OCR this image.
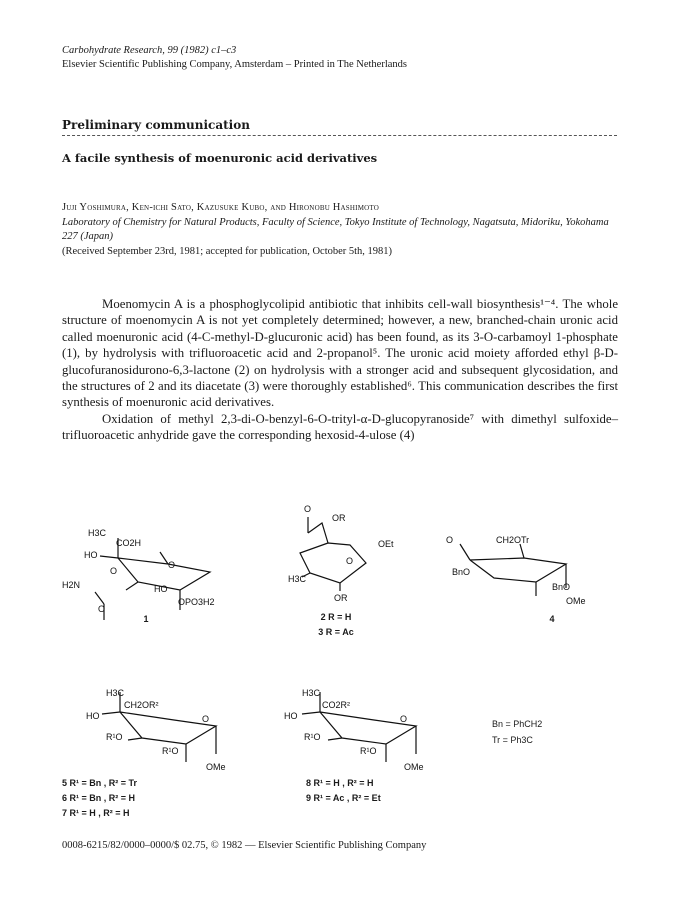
Carbohydrate Research, 99 (1982) c1–c3
Elsevier Scientific Publishing Company, Amsterdam – Printed in The Netherlands
Preliminary communication
A facile synthesis of moenuronic acid derivatives
Juji Yoshimura, Ken-ichi Sato, Kazusuke Kubo, and Hironobu Hashimoto
Laboratory of Chemistry for Natural Products, Faculty of Science, Tokyo Institute of Technology, Nagatsuta, Midoriku, Yokohama 227 (Japan)
(Received September 23rd, 1981; accepted for publication, October 5th, 1981)

Moenomycin A is a phosphoglycolipid antibiotic that inhibits cell-wall biosynthesis¹⁻⁴. The whole structure of moenomycin A is not yet completely determined; however, a new, branched-chain uronic acid called moenuronic acid (4-C-methyl-D-glucuronic acid) has been found, as its 3-O-carbamoyl 1-phosphate (1), by hydrolysis with trifluoroacetic acid and 2-propanol⁵. The uronic acid moiety afforded ethyl β-D-glucofuranosidurono-6,3-lactone (2) on hydrolysis with a stronger acid and subsequent glycosidation, and the structures of 2 and its diacetate (3) were thoroughly established⁶. This communication describes the first synthesis of moenuronic acid derivatives.

Oxidation of methyl 2,3-di-O-benzyl-6-O-trityl-α-D-glucopyranoside⁷ with dimethyl sulfoxide–trifluoroacetic anhydride gave the corresponding hexosid-4-ulose (4)

H3C
CO2H
HO
O
O
H2N	HO
O
OPO3H2
1
O
OR
OEt
O
H3C
OR
2 R = H
3 R = Ac
O	CH2OTr
BnO
BnO
OMe
4
H3C
CH2OR²
HO	O
R¹O
R¹O
OMe
5 R¹ = Bn , R² = Tr
6 R¹ = Bn , R² = H
7 R¹ = H , R² = H
H3C
CO2R²
HO	O
R¹O
R¹O
OMe
8 R¹ = H , R² = H
9 R¹ = Ac , R² = Et
Bn = PhCH2
Tr = Ph3C
0008-6215/82/0000–0000/$ 02.75, © 1982 — Elsevier Scientific Publishing Company
